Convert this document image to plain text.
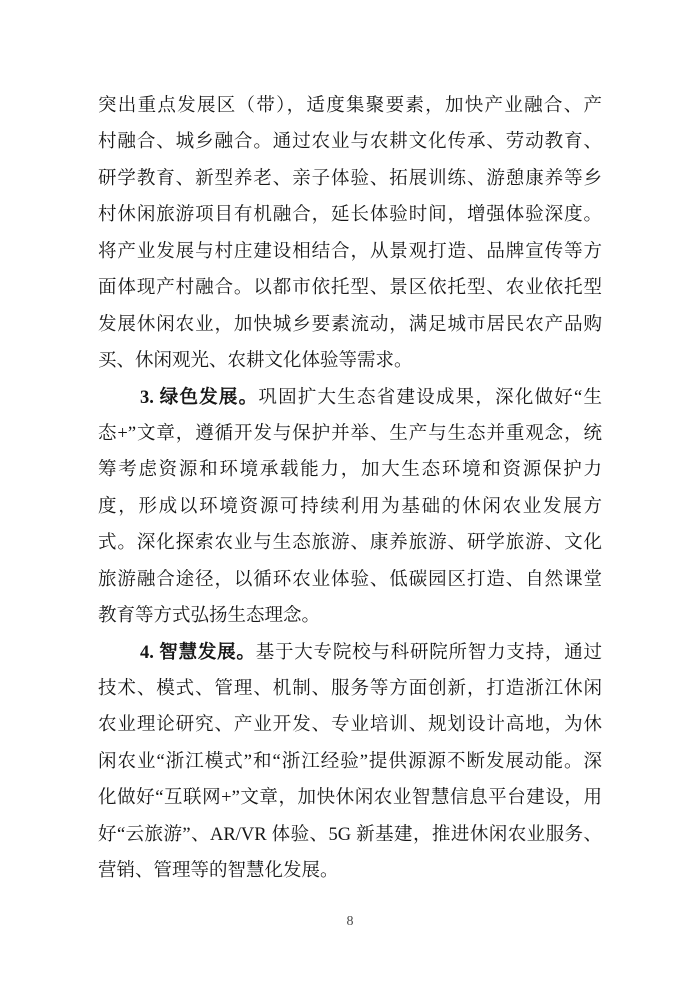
突出重点发展区（带），适度集聚要素，加快产业融合、产
村融合、城乡融合。通过农业与农耕文化传承、劳动教育、
研学教育、新型养老、亲子体验、拓展训练、游憩康养等乡
村休闲旅游项目有机融合，延长体验时间，增强体验深度。
将产业发展与村庄建设相结合，从景观打造、品牌宣传等方
面体现产村融合。以都市依托型、景区依托型、农业依托型
发展休闲农业，加快城乡要素流动，满足城市居民农产品购
买、休闲观光、农耕文化体验等需求。
3. 绿色发展。巩固扩大生态省建设成果，深化做好“生
态+”文章，遵循开发与保护并举、生产与生态并重观念，统
筹考虑资源和环境承载能力，加大生态环境和资源保护力
度，形成以环境资源可持续利用为基础的休闲农业发展方
式。深化探索农业与生态旅游、康养旅游、研学旅游、文化
旅游融合途径，以循环农业体验、低碳园区打造、自然课堂
教育等方式弘扬生态理念。
4. 智慧发展。基于大专院校与科研院所智力支持，通过
技术、模式、管理、机制、服务等方面创新，打造浙江休闲
农业理论研究、产业开发、专业培训、规划设计高地，为休
闲农业“浙江模式”和“浙江经验”提供源源不断发展动能。深
化做好“互联网+”文章，加快休闲农业智慧信息平台建设，用
好“云旅游”、AR/VR 体验、5G 新基建，推进休闲农业服务、
营销、管理等的智慧化发展。
8
